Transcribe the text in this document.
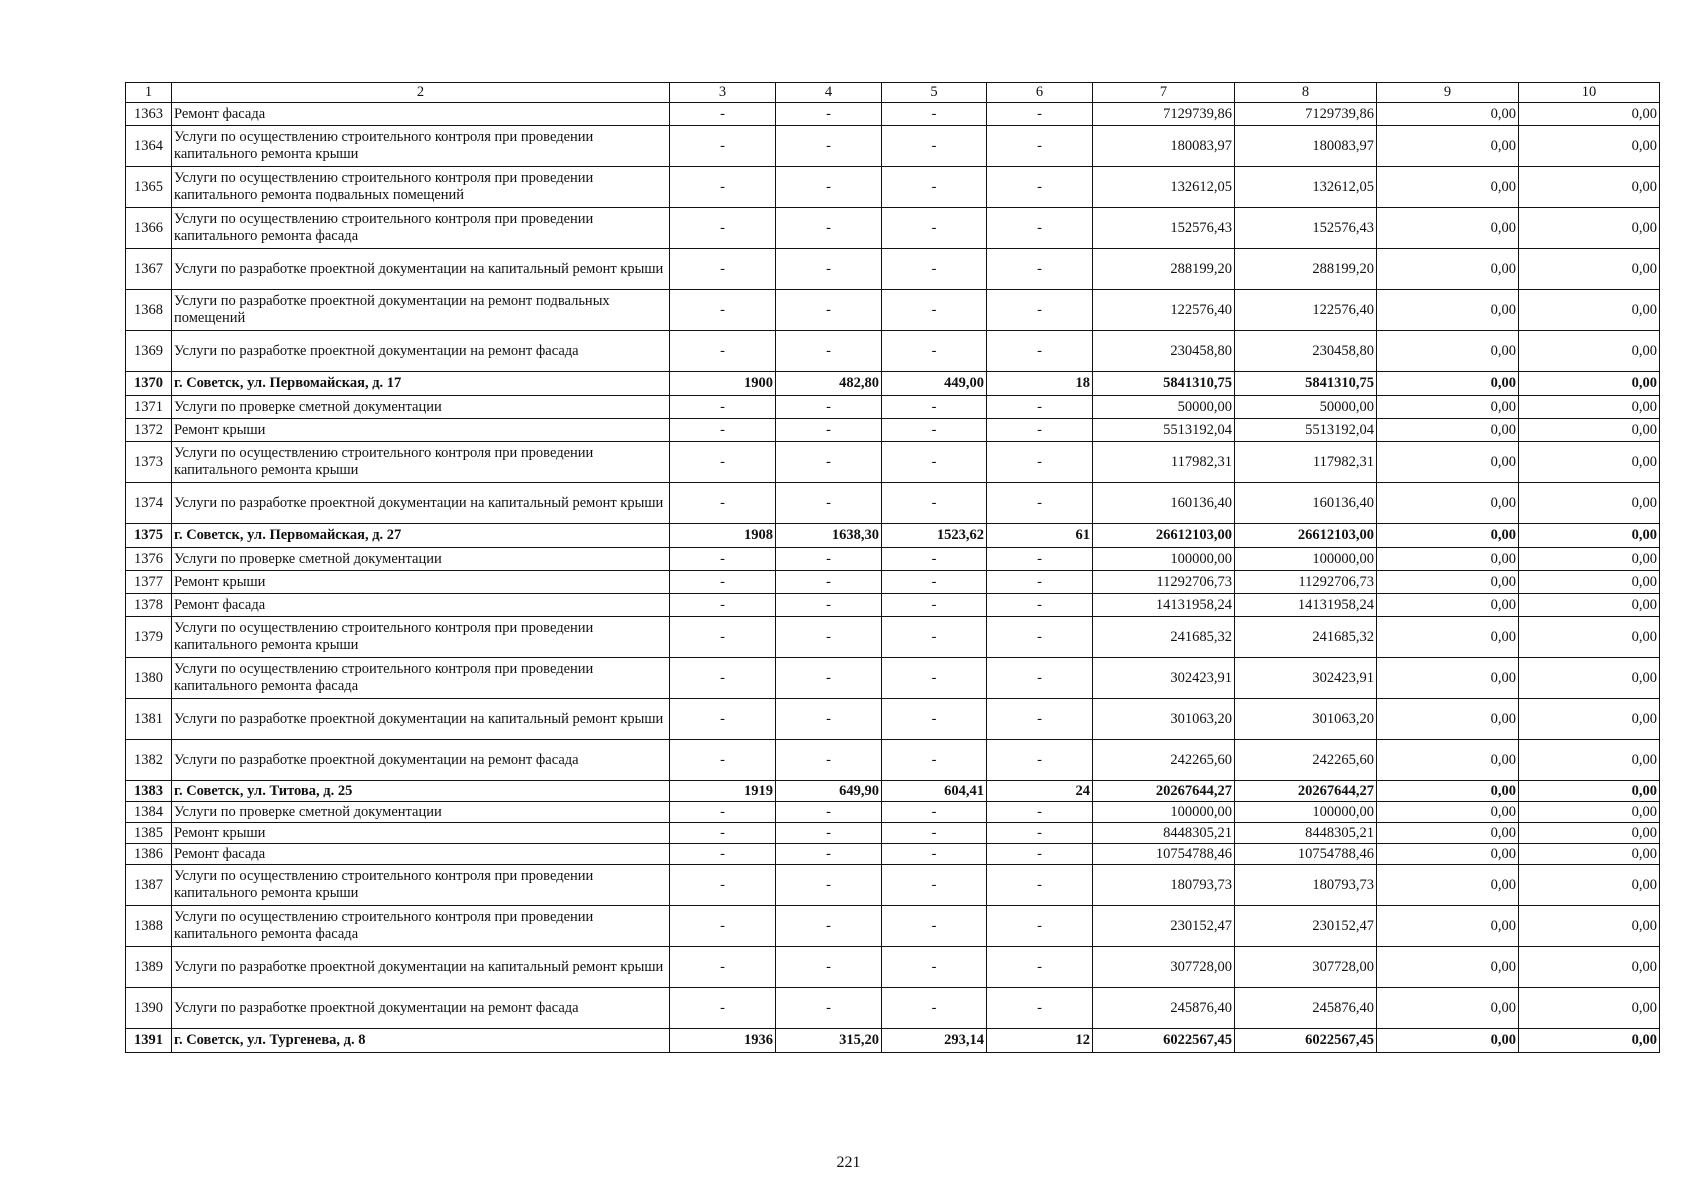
1	2	3	4	5	6	7	8	9	10
1363	Ремонт фасада	-	-	-	-	7129739,86	7129739,86	0,00	0,00
1364	Услуги по осуществлению строительного контроля при проведении капитального ремонта крыши	-	-	-	-	180083,97	180083,97	0,00	0,00
1365	Услуги по осуществлению строительного контроля при проведении капитального ремонта подвальных помещений	-	-	-	-	132612,05	132612,05	0,00	0,00
1366	Услуги по осуществлению строительного контроля при проведении капитального ремонта фасада	-	-	-	-	152576,43	152576,43	0,00	0,00
1367	Услуги по разработке проектной документации на капитальный ремонт крыши	-	-	-	-	288199,20	288199,20	0,00	0,00
1368	Услуги по разработке проектной документации на ремонт подвальных помещений	-	-	-	-	122576,40	122576,40	0,00	0,00
1369	Услуги по разработке проектной документации на ремонт фасада	-	-	-	-	230458,80	230458,80	0,00	0,00
1370	г. Советск, ул. Первомайская, д. 17	1900	482,80	449,00	18	5841310,75	5841310,75	0,00	0,00
1371	Услуги по проверке сметной документации	-	-	-	-	50000,00	50000,00	0,00	0,00
1372	Ремонт крыши	-	-	-	-	5513192,04	5513192,04	0,00	0,00
1373	Услуги по осуществлению строительного контроля при проведении капитального ремонта крыши	-	-	-	-	117982,31	117982,31	0,00	0,00
1374	Услуги по разработке проектной документации на капитальный ремонт крыши	-	-	-	-	160136,40	160136,40	0,00	0,00
1375	г. Советск, ул. Первомайская, д. 27	1908	1638,30	1523,62	61	26612103,00	26612103,00	0,00	0,00
1376	Услуги по проверке сметной документации	-	-	-	-	100000,00	100000,00	0,00	0,00
1377	Ремонт крыши	-	-	-	-	11292706,73	11292706,73	0,00	0,00
1378	Ремонт фасада	-	-	-	-	14131958,24	14131958,24	0,00	0,00
1379	Услуги по осуществлению строительного контроля при проведении капитального ремонта крыши	-	-	-	-	241685,32	241685,32	0,00	0,00
1380	Услуги по осуществлению строительного контроля при проведении капитального ремонта фасада	-	-	-	-	302423,91	302423,91	0,00	0,00
1381	Услуги по разработке проектной документации на капитальный ремонт крыши	-	-	-	-	301063,20	301063,20	0,00	0,00
1382	Услуги по разработке проектной документации на ремонт фасада	-	-	-	-	242265,60	242265,60	0,00	0,00
1383	г. Советск, ул. Титова, д. 25	1919	649,90	604,41	24	20267644,27	20267644,27	0,00	0,00
1384	Услуги по проверке сметной документации	-	-	-	-	100000,00	100000,00	0,00	0,00
1385	Ремонт крыши	-	-	-	-	8448305,21	8448305,21	0,00	0,00
1386	Ремонт фасада	-	-	-	-	10754788,46	10754788,46	0,00	0,00
1387	Услуги по осуществлению строительного контроля при проведении капитального ремонта крыши	-	-	-	-	180793,73	180793,73	0,00	0,00
1388	Услуги по осуществлению строительного контроля при проведении капитального ремонта фасада	-	-	-	-	230152,47	230152,47	0,00	0,00
1389	Услуги по разработке проектной документации на капитальный ремонт крыши	-	-	-	-	307728,00	307728,00	0,00	0,00
1390	Услуги по разработке проектной документации на ремонт фасада	-	-	-	-	245876,40	245876,40	0,00	0,00
1391	г. Советск, ул. Тургенева, д. 8	1936	315,20	293,14	12	6022567,45	6022567,45	0,00	0,00
221
